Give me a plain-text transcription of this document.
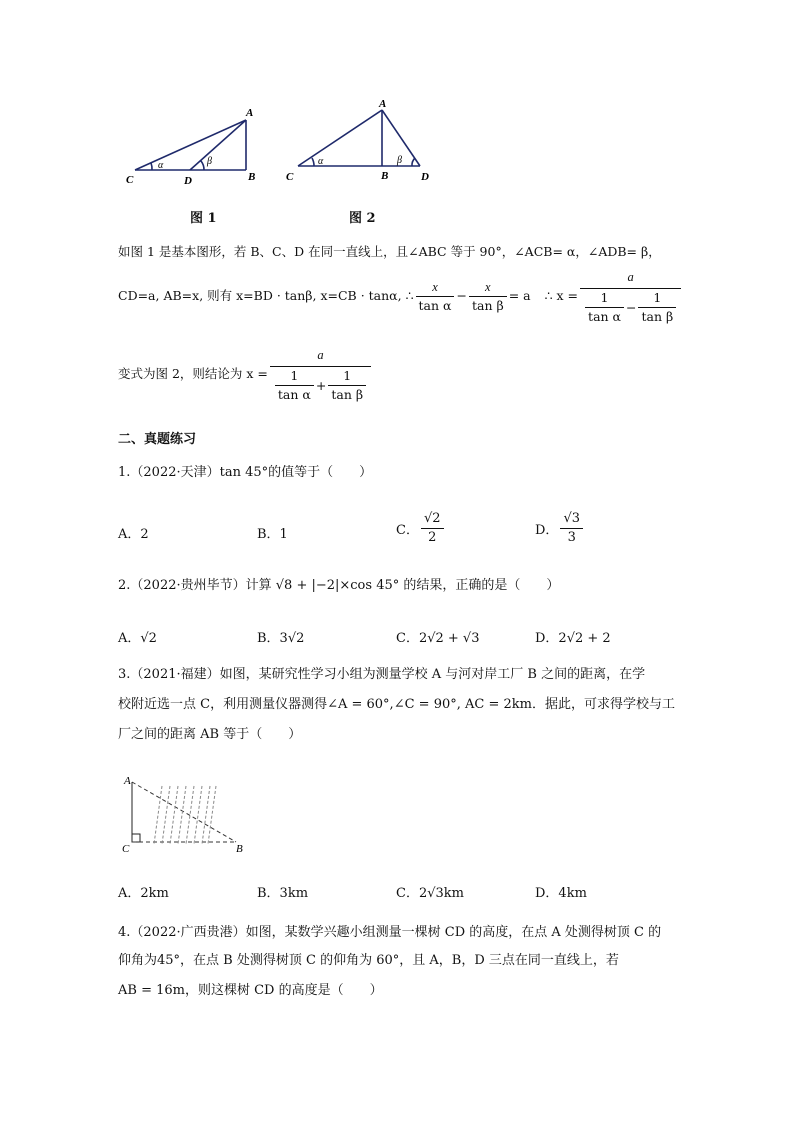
A
B
C	D
α	β
A
B
C	D
α	β
图 1	图 2
如图 1 是基本图形，若 B、C、D 在同一直线上，且∠ABC 等于 90°，∠ACB= α，∠ADB= β，
CD=a, AB=x, 则有 x=BD · tanβ, x=CB · tanα, ∴ $\frac{x}{\text{tan α}} - \frac{x}{\text{tan β}} = a$ ∴ $x = \frac{a}{\frac{1}{\text{tan α}} - \frac{1}{\text{tan β}}}$
变式为图 2，则结论为 $x = \frac{a}{\frac{1}{\text{tan α}} + \frac{1}{\text{tan β}}}$
二、真题练习
1.（2022·天津）tan 45°的值等于（　　）
A．2	B．1	C． $\frac{√2}{2}$	D． $\frac{√3}{3}$
2.（2022·贵州毕节）计算 √8 + |−2|×cos 45° 的结果，正确的是（　　）
A．√2	B．3√2	C．2√2 + √3	D．2√2 + 2
3.（2021·福建）如图，某研究性学习小组为测量学校 A 与河对岸工厂 B 之间的距离，在学
校附近选一点 C，利用测量仪器测得∠A = 60°,∠C = 90°, AC = 2km．据此，可求得学校与工
厂之间的距离 AB 等于（　　）
A
C	B
A．2km	B．3km	C．2√3km	D．4km
4.（2022·广西贵港）如图，某数学兴趣小组测量一棵树 CD 的高度，在点 A 处测得树顶 C 的
仰角为45°，在点 B 处测得树顶 C 的仰角为 60°，且 A，B，D 三点在同一直线上，若
AB = 16m，则这棵树 CD 的高度是（　　）
